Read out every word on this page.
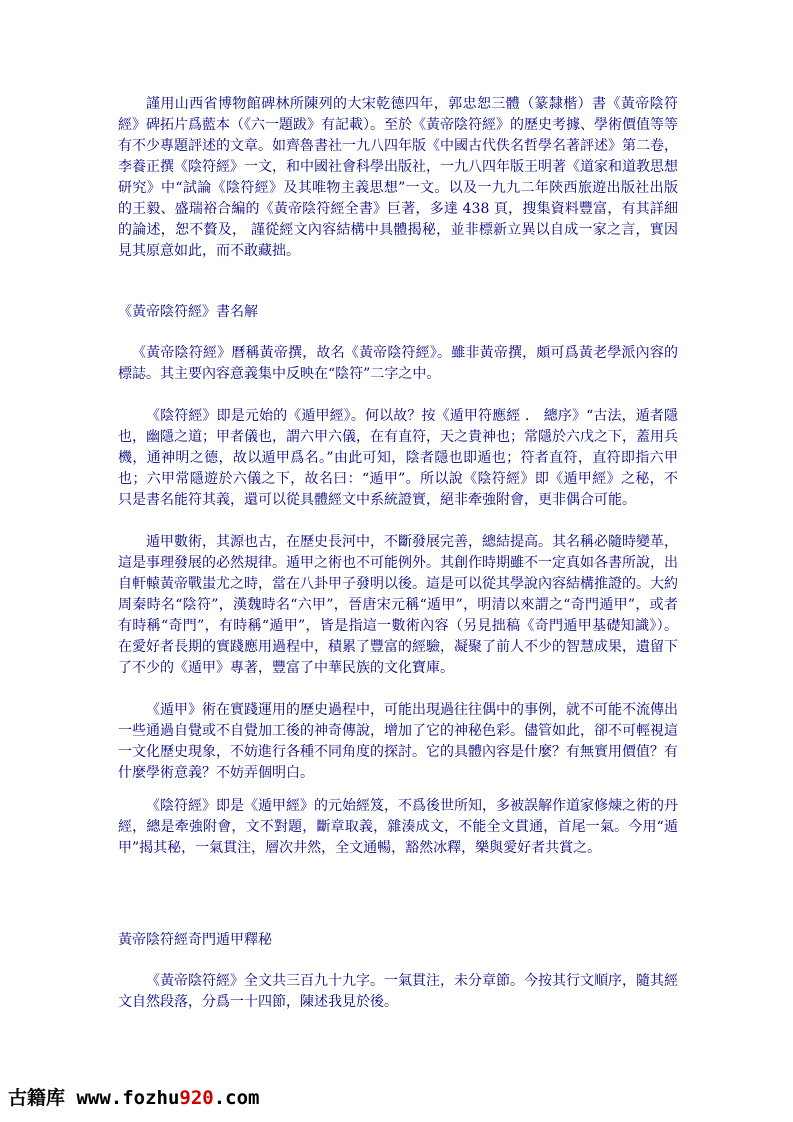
謹用山西省博物館碑林所陳列的大宋乾德四年，郭忠恕三體（篆隸楷）書《黃帝陰符經》碑拓片爲藍本（《六一題跋》有記載）。至於《黃帝陰符經》的歷史考據、學術價值等等有不少專題評述的文章。如齊魯書社一九八四年版《中國古代佚名哲學名著評述》第二卷，李養正撰《陰符經》一文，和中國社會科學出版社，一九八四年版王明著《道家和道教思想研究》中“試論《陰符經》及其唯物主義思想”一文。以及一九九二年陝西旅遊出版社出版的王毅、盛瑞裕合編的《黃帝陰符經全書》巨著，多達 438 頁，搜集資料豐富，有其詳細的論述，恕不贅及， 謹從經文內容結構中具體揭秘，並非標新立異以自成一家之言，實因見其原意如此，而不敢藏拙。

《黃帝陰符經》書名解

《黃帝陰符經》曆稱黃帝撰，故名《黃帝陰符經》。雖非黃帝撰，頗可爲黃老學派內容的標誌。其主要內容意義集中反映在“陰符”二字之中。

《陰符經》即是元始的《遁甲經》。何以故？按《遁甲符應經 ． 總序》“古法，遁者隱也，幽隱之道；甲者儀也，謂六甲六儀，在有直符，天之貴神也；常隱於六戊之下，蓋用兵機，通神明之德，故以遁甲爲名。”由此可知，陰者隱也即遁也；符者直符，直符即指六甲也；六甲常隱遊於六儀之下，故名曰：“遁甲”。所以說《陰符經》即《遁甲經》之秘，不只是書名能符其義，還可以從具體經文中系統證實，絕非牽強附會，更非偶合可能。

遁甲數術，其源也古，在歷史長河中，不斷發展完善，總結提高。其名稱必隨時變革，這是事理發展的必然規律。遁甲之術也不可能例外。其創作時期雖不一定真如各書所說，出自軒轅黃帝戰蚩尤之時，當在八卦甲子發明以後。這是可以從其學說內容結構推證的。大約周秦時名“陰符”，漢魏時名“六甲”，晉唐宋元稱“遁甲”，明清以來謂之“奇門遁甲”，或者有時稱“奇門”，有時稱“遁甲”，皆是指這一數術內容（另見拙稿《奇門遁甲基礎知識》）。在愛好者長期的實踐應用過程中，積累了豐富的經驗，凝聚了前人不少的智慧成果，遺留下了不少的《遁甲》專著，豐富了中華民族的文化寶庫。

《遁甲》術在實踐運用的歷史過程中，可能出現過往往偶中的事例，就不可能不流傳出一些通過自覺或不自覺加工後的神奇傳說，增加了它的神秘色彩。儘管如此，卻不可輕視這一文化歷史現象，不妨進行各種不同角度的探討。它的具體內容是什麼？有無實用價值？有什麼學術意義？不妨弄個明白。

《陰符經》即是《遁甲經》的元始經笈，不爲後世所知，多被誤解作道家修煉之術的丹經，總是牽強附會，文不對題，斷章取義，雜湊成文，不能全文貫通，首尾一氣。今用“遁甲”揭其秘，一氣貫注，層次井然，全文通暢，豁然冰釋，樂與愛好者共賞之。

黃帝陰符經奇門遁甲釋秘

《黃帝陰符經》全文共三百九十九字。一氣貫注，未分章節。今按其行文順序，隨其經文自然段落，分爲一十四節，陳述我見於後。

古籍库 www.fozhu920.com
